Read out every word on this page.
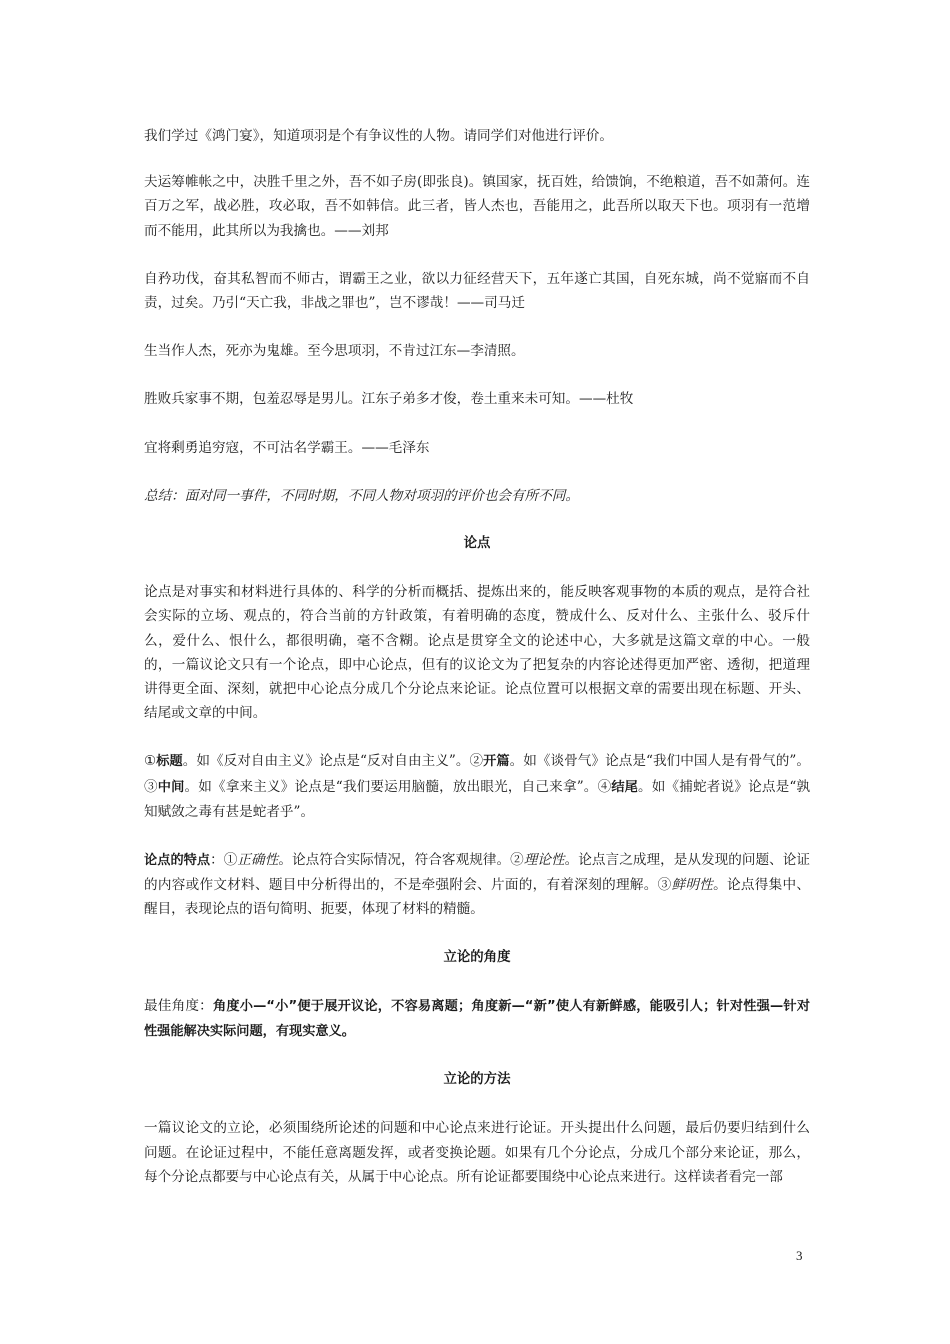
我们学过《鸿门宴》，知道项羽是个有争议性的人物。请同学们对他进行评价。

夫运筹帷帐之中，决胜千里之外，吾不如子房(即张良)。镇国家，抚百姓，给馈饷，不绝粮道，吾不如萧何。连百万之军，战必胜，攻必取，吾不如韩信。此三者，皆人杰也，吾能用之，此吾所以取天下也。项羽有一范增而不能用，此其所以为我擒也。——刘邦

自矜功伐，奋其私智而不师古，谓霸王之业，欲以力征经营天下，五年遂亡其国，自死东城，尚不觉寤而不自责，过矣。乃引“天亡我，非战之罪也”，岂不谬哉！——司马迁

生当作人杰，死亦为鬼雄。至今思项羽，不肯过江东—李清照。

胜败兵家事不期，包羞忍辱是男儿。江东子弟多才俊，卷土重来未可知。——杜牧

宜将剩勇追穷寇，不可沽名学霸王。——毛泽东

总结：面对同一事件，不同时期，不同人物对项羽的评价也会有所不同。

论点

论点是对事实和材料进行具体的、科学的分析而概括、提炼出来的，能反映客观事物的本质的观点，是符合社会实际的立场、观点的，符合当前的方针政策，有着明确的态度，赞成什么、反对什么、主张什么、驳斥什么，爱什么、恨什么，都很明确，毫不含糊。论点是贯穿全文的论述中心，大多就是这篇文章的中心。一般的，一篇议论文只有一个论点，即中心论点，但有的议论文为了把复杂的内容论述得更加严密、透彻，把道理讲得更全面、深刻，就把中心论点分成几个分论点来论证。论点位置可以根据文章的需要出现在标题、开头、结尾或文章的中间。

①标题。如《反对自由主义》论点是“反对自由主义”。②开篇。如《谈骨气》论点是“我们中国人是有骨气的”。③中间。如《拿来主义》论点是“我们要运用脑髓，放出眼光，自己来拿”。④结尾。如《捕蛇者说》论点是“孰知赋敛之毒有甚是蛇者乎”。

论点的特点：①正确性。论点符合实际情况，符合客观规律。②理论性。论点言之成理，是从发现的问题、论证的内容或作文材料、题目中分析得出的，不是牵强附会、片面的，有着深刻的理解。③鲜明性。论点得集中、醒目，表现论点的语句简明、扼要，体现了材料的精髓。

立论的角度

最佳角度：角度小—“小”便于展开议论，不容易离题；角度新—“新”使人有新鲜感，能吸引人；针对性强—针对性强能解决实际问题，有现实意义。

立论的方法

一篇议论文的立论，必须围绕所论述的问题和中心论点来进行论证。开头提出什么问题，最后仍要归结到什么问题。在论证过程中，不能任意离题发挥，或者变换论题。如果有几个分论点，分成几个部分来论证，那么，每个分论点都要与中心论点有关，从属于中心论点。所有论证都要围绕中心论点来进行。这样读者看完一部

3
